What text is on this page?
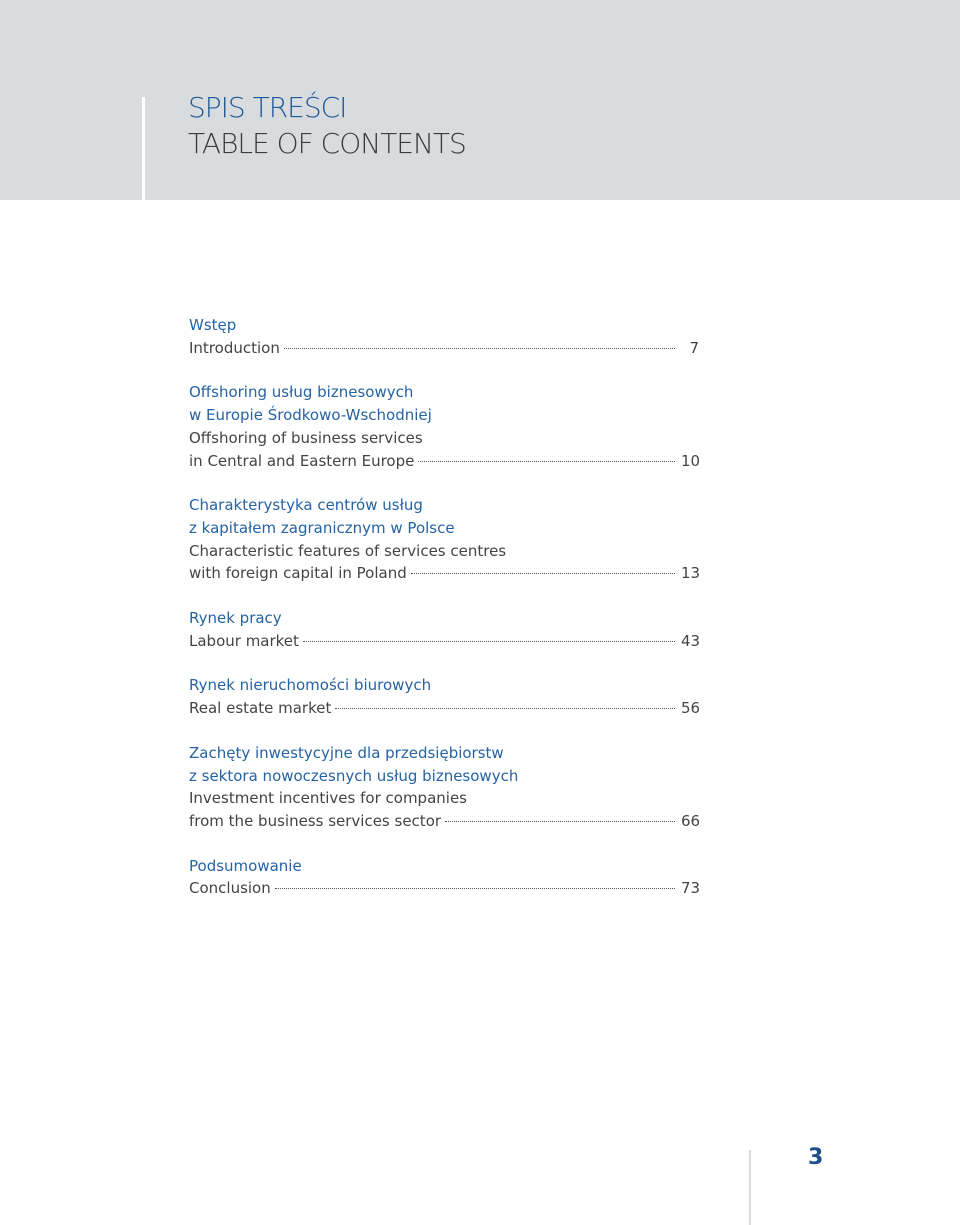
SPIS TREŚCI
TABLE OF CONTENTS
Wstęp
Introduction	7
Offshoring usług biznesowych
w Europie Środkowo-Wschodniej
Offshoring of business services
in Central and Eastern Europe	10
Charakterystyka centrów usług
z kapitałem zagranicznym w Polsce
Characteristic features of services centres
with foreign capital in Poland	13
Rynek pracy
Labour market	43
Rynek nieruchomości biurowych
Real estate market	56
Zachęty inwestycyjne dla przedsiębiorstw
z sektora nowoczesnych usług biznesowych
Investment incentives for companies
from the business services sector	66
Podsumowanie
Conclusion	73
3
